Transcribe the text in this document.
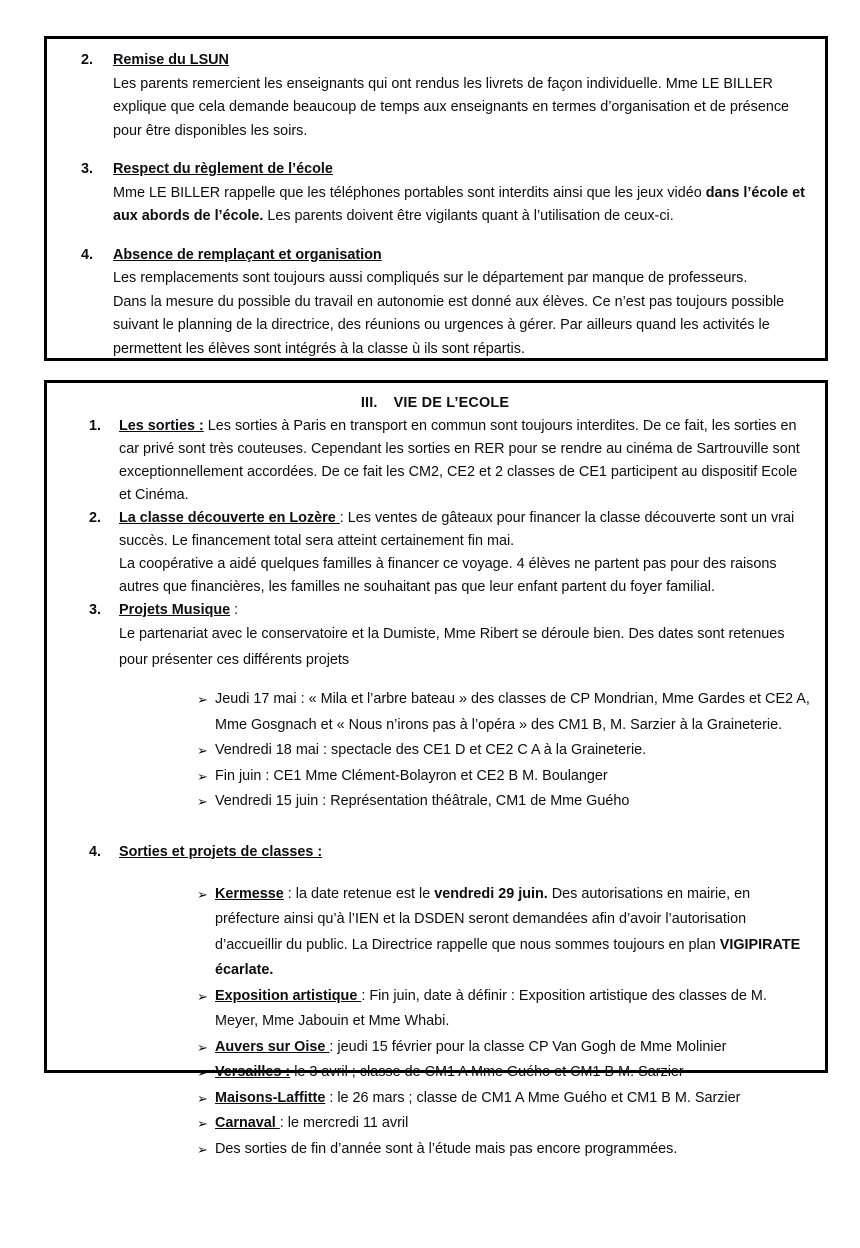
2. Remise du LSUN
Les parents remercient les enseignants qui ont rendus les livrets de façon individuelle. Mme LE BILLER explique que cela demande beaucoup de temps aux enseignants en termes d’organisation et de présence pour être disponibles les soirs.
3. Respect du règlement de l’école
Mme LE BILLER rappelle que les téléphones portables sont interdits ainsi que les jeux vidéo dans l’école et aux abords de l’école. Les parents doivent être vigilants quant à l’utilisation de ceux-ci.
4. Absence de remplaçant et organisation
Les remplacements sont toujours aussi compliqués sur le département par manque de professeurs.
Dans la mesure du possible du travail en autonomie est donné aux élèves. Ce n’est pas toujours possible suivant le planning de la directrice, des réunions ou urgences à gérer. Par ailleurs quand les activités le permettent les élèves sont intégrés à la classe ù ils sont répartis.
III. VIE DE L’ECOLE
1. Les sorties : Les sorties à Paris en transport en commun sont toujours interdites. De ce fait, les sorties en car privé sont très couteuses. Cependant les sorties en RER pour se rendre au cinéma de Sartrouville sont exceptionnellement accordées. De ce fait les CM2, CE2 et 2 classes de CE1 participent au dispositif Ecole et Cinéma.
2. La classe découverte en Lozère : Les ventes de gâteaux pour financer la classe découverte sont un vrai succès. Le financement total sera atteint certainement fin mai.
La coopérative a aidé quelques familles à financer ce voyage. 4 élèves ne partent pas pour des raisons autres que financières, les familles ne souhaitant pas que leur enfant partent du foyer familial.
3. Projets Musique :
Le partenariat avec le conservatoire et la Dumiste, Mme Ribert se déroule bien. Des dates sont retenues pour présenter ces différents projets
➢ Jeudi 17 mai : « Mila et l’arbre bateau » des classes de CP Mondrian, Mme Gardes et CE2 A, Mme Gosgnach et « Nous n’irons pas à l’opéra » des CM1 B, M. Sarzier à la Graineterie.
➢ Vendredi 18 mai : spectacle des CE1 D et CE2 C A à la Graineterie.
➢ Fin juin : CE1 Mme Clément-Bolayron et CE2 B M. Boulanger
➢ Vendredi 15 juin : Représentation théâtrale, CM1 de Mme Guého
4. Sorties et projets de classes :
➢ Kermesse : la date retenue est le vendredi 29 juin. Des autorisations en mairie, en préfecture ainsi qu’à l’IEN et la DSDEN seront demandées afin d’avoir l’autorisation d’accueillir du public. La Directrice rappelle que nous sommes toujours en plan VIGIPIRATE écarlate.
➢ Exposition artistique : Fin juin, date à définir : Exposition artistique des classes de M. Meyer, Mme Jabouin et Mme Whabi.
➢ Auvers sur Oise : jeudi 15 février pour la classe CP Van Gogh de Mme Molinier
➢ Versailles : le 3 avril ; classe de CM1 A Mme Guého et CM1 B M. Sarzier
➢ Maisons-Laffitte : le 26 mars ; classe de CM1 A Mme Guého et CM1 B M. Sarzier
➢ Carnaval : le mercredi 11 avril
➢ Des sorties de fin d’année sont à l’étude mais pas encore programmées.
